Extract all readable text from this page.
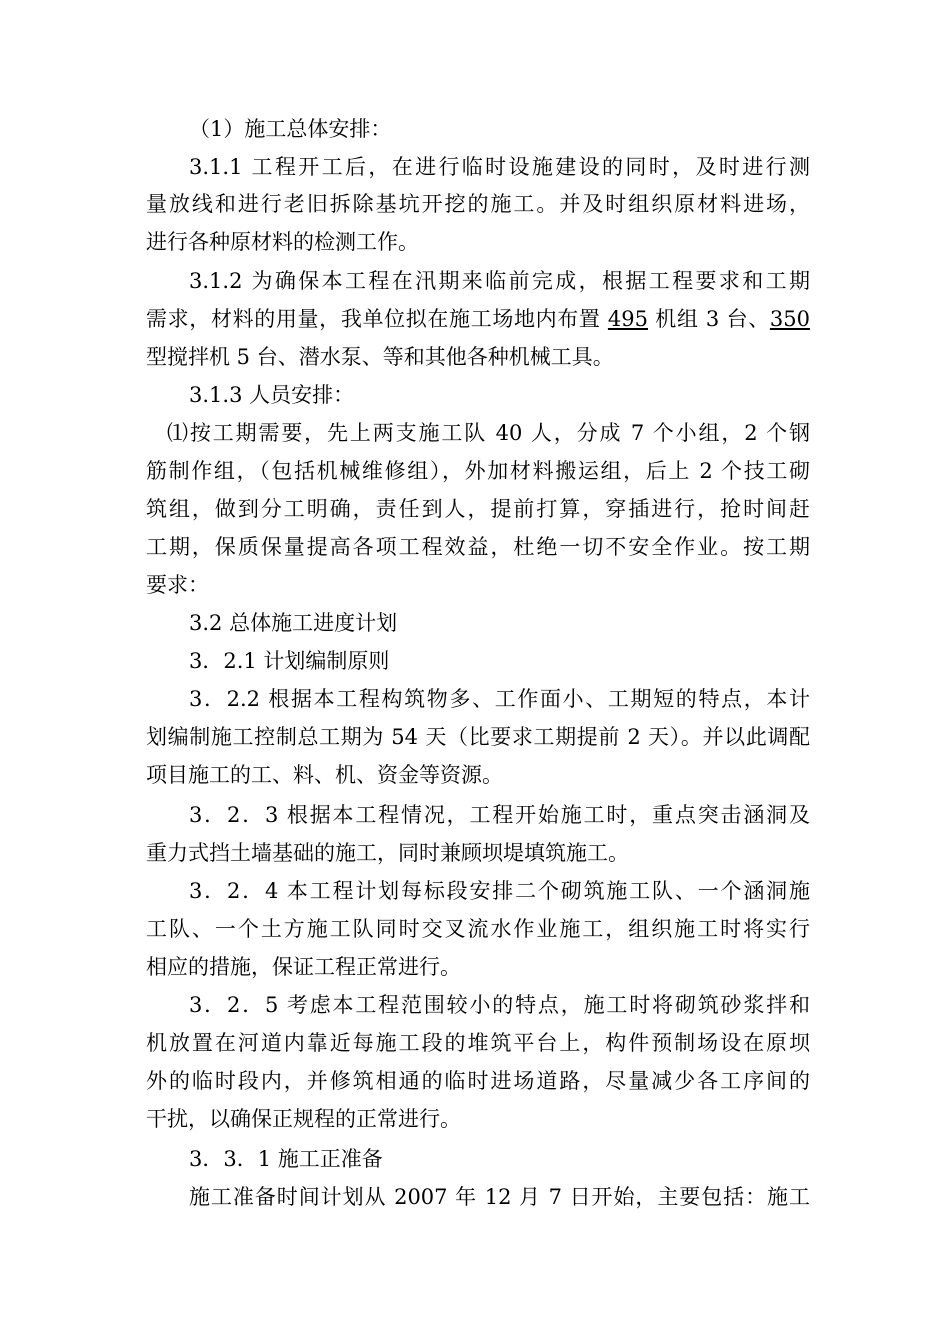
（1）施工总体安排：
3.1.1 工程开工后，在进行临时设施建设的同时，及时进行测
量放线和进行老旧拆除基坑开挖的施工。并及时组织原材料进场，
进行各种原材料的检测工作。
3.1.2 为确保本工程在汛期来临前完成，根据工程要求和工期
需求，材料的用量，我单位拟在施工场地内布置 495 机组 3 台、350
型搅拌机 5 台、潜水泵、等和其他各种机械工具。
3.1.3 人员安排：
⑴按工期需要，先上两支施工队 40 人，分成 7 个小组，2 个钢
筋制作组，（包括机械维修组），外加材料搬运组，后上 2 个技工砌
筑组，做到分工明确，责任到人，提前打算，穿插进行，抢时间赶
工期，保质保量提高各项工程效益，杜绝一切不安全作业。按工期
要求：
3.2 总体施工进度计划
3．2.1 计划编制原则
3．2.2 根据本工程构筑物多、工作面小、工期短的特点，本计
划编制施工控制总工期为 54 天（比要求工期提前 2 天）。并以此调配
项目施工的工、料、机、资金等资源。
3．2．3 根据本工程情况，工程开始施工时，重点突击涵洞及
重力式挡土墙基础的施工，同时兼顾坝堤填筑施工。
3．2．4 本工程计划每标段安排二个砌筑施工队、一个涵洞施
工队、一个土方施工队同时交叉流水作业施工，组织施工时将实行
相应的措施，保证工程正常进行。
3．2．5 考虑本工程范围较小的特点，施工时将砌筑砂浆拌和
机放置在河道内靠近每施工段的堆筑平台上，构件预制场设在原坝
外的临时段内，并修筑相通的临时进场道路，尽量减少各工序间的
干扰，以确保正规程的正常进行。
3．3．1 施工正准备
施工准备时间计划从 2007 年 12 月 7 日开始，主要包括：施工
